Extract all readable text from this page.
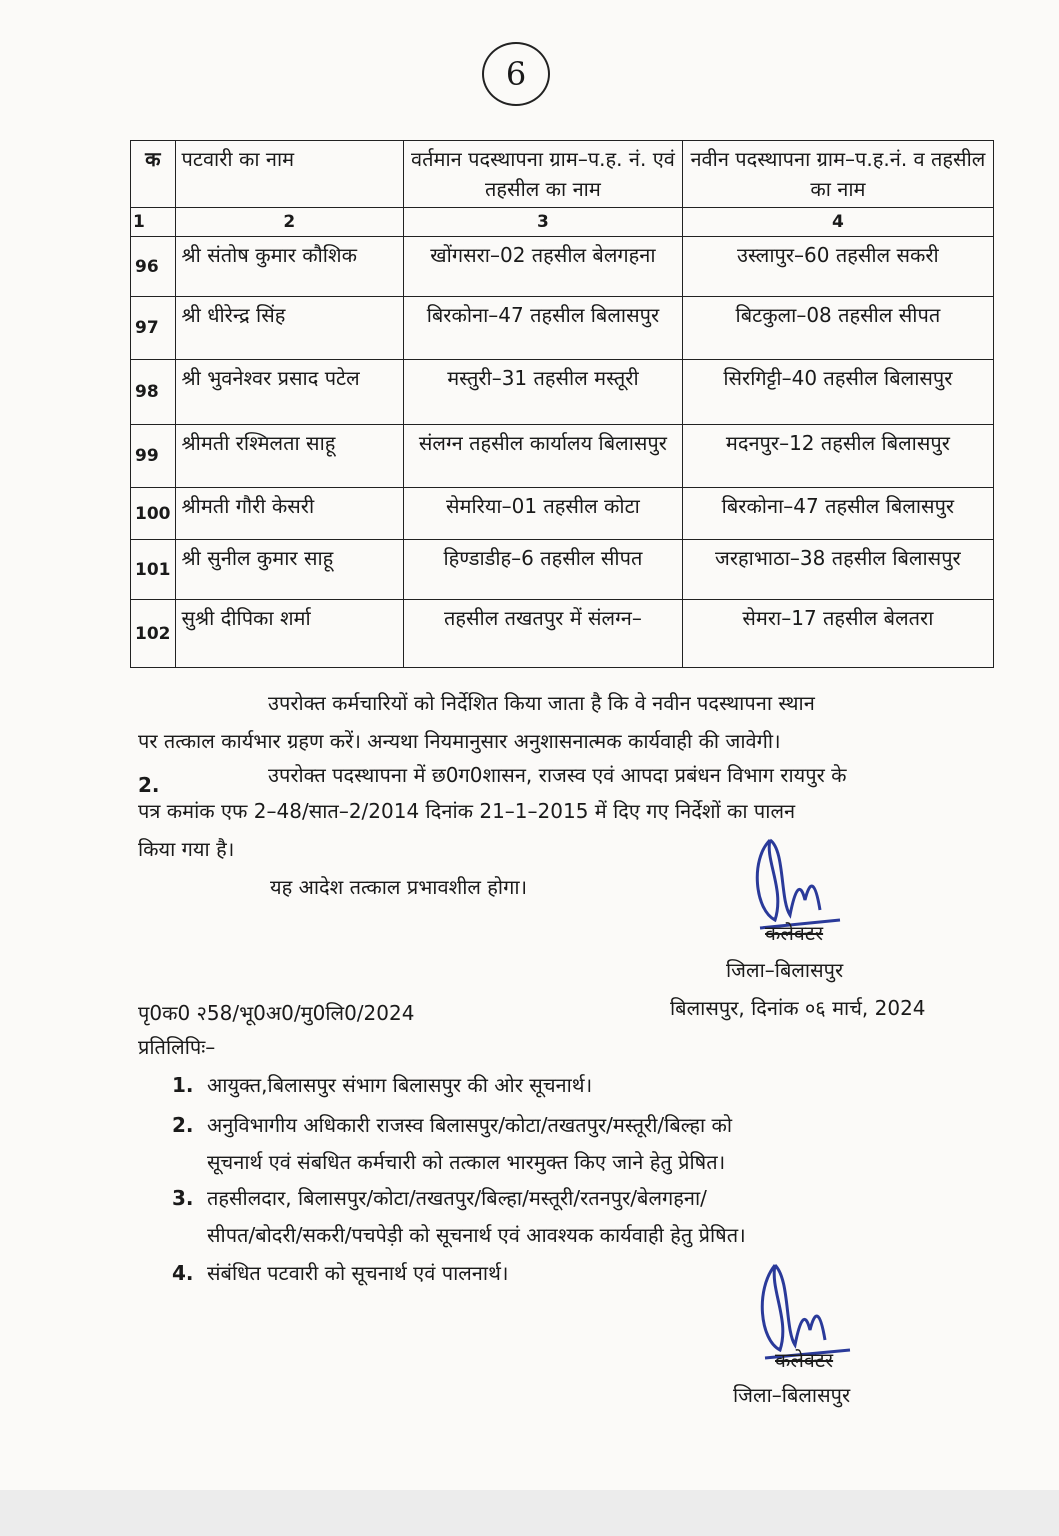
6
क	पटवारी का नाम	वर्तमान पदस्थापना ग्राम–प.ह. नं. एवं तहसील का नाम	नवीन पदस्थापना ग्राम–प.ह.नं. व तहसील का नाम
1	2	3	4
96	श्री संतोष कुमार कौशिक	खोंगसरा–02 तहसील बेलगहना	उस्लापुर–60 तहसील सकरी
97	श्री धीरेन्द्र सिंह	बिरकोना–47 तहसील बिलासपुर	बिटकुला–08 तहसील सीपत
98	श्री भुवनेश्वर प्रसाद पटेल	मस्तुरी–31 तहसील मस्तूरी	सिरगिट्टी–40 तहसील बिलासपुर
99	श्रीमती रश्मिलता साहू	संलग्न तहसील कार्यालय बिलासपुर	मदनपुर–12 तहसील बिलासपुर
100	श्रीमती गौरी केसरी	सेमरिया–01 तहसील कोटा	बिरकोना–47 तहसील बिलासपुर
101	श्री सुनील कुमार साहू	हिण्डाडीह–6 तहसील सीपत	जरहाभाठा–38 तहसील बिलासपुर
102	सुश्री दीपिका शर्मा	तहसील तखतपुर में संलग्न–	सेमरा–17 तहसील बेलतरा
उपरोक्त कर्मचारियों को निर्देशित किया जाता है कि वे नवीन पदस्थापना स्थान
पर तत्काल कार्यभार ग्रहण करें। अन्यथा नियमानुसार अनुशासनात्मक कार्यवाही की जावेगी।
2.	उपरोक्त पदस्थापना में छ0ग0शासन, राजस्व एवं आपदा प्रबंधन विभाग रायपुर के
पत्र कमांक एफ 2–48/सात–2/2014 दिनांक 21–1–2015 में दिए गए निर्देशों का पालन
किया गया है।
यह आदेश तत्काल प्रभावशील होगा।
कलेक्टर
जिला–बिलासपुर
बिलासपुर, दिनांक ०६ मार्च, 2024
पृ0क0 २58/भू0अ0/मु0लि0/2024
प्रतिलिपिः–
1. आयुक्त,बिलासपुर संभाग बिलासपुर की ओर सूचनार्थ।
2. अनुविभागीय अधिकारी राजस्व बिलासपुर/कोटा/तखतपुर/मस्तूरी/बिल्हा को
सूचनार्थ एवं संबधित कर्मचारी को तत्काल भारमुक्त किए जाने हेतु प्रेषित।
3. तहसीलदार, बिलासपुर/कोटा/तखतपुर/बिल्हा/मस्तूरी/रतनपुर/बेलगहना/
सीपत/बोदरी/सकरी/पचपेड़ी को सूचनार्थ एवं आवश्यक कार्यवाही हेतु प्रेषित।
4. संबंधित पटवारी को सूचनार्थ एवं पालनार्थ।
कलेक्टर
जिला–बिलासपुर
